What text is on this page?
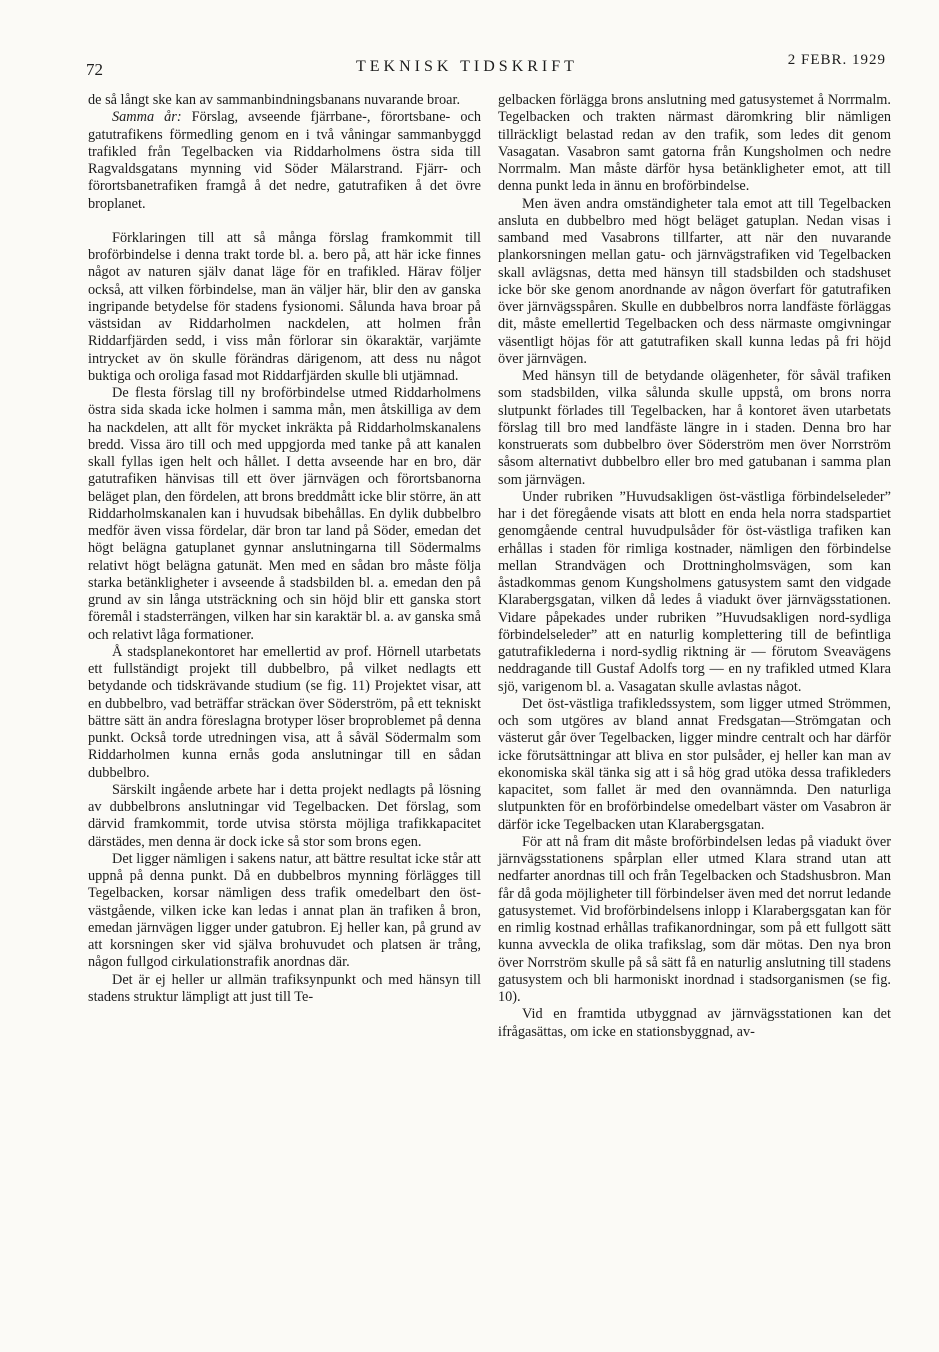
72	TEKNISK TIDSKRIFT	2 FEBR. 1929

de så långt ske kan av sammanbindningsbanans nuvarande broar.

Samma år: Förslag, avseende fjärrbane-, förortsbane- och gatutrafikens förmedling genom en i två våningar sammanbyggd trafikled från Tegelbacken via Riddarholmens östra sida till Ragvaldsgatans mynning vid Söder Mälarstrand. Fjärr- och förortsbanetrafiken framgå å det nedre, gatutrafiken å det övre broplanet.

Förklaringen till att så många förslag framkommit till broförbindelse i denna trakt torde bl. a. bero på, att här icke finnes något av naturen själv danat läge för en trafikled. Härav följer också, att vilken förbindelse, man än väljer här, blir den av ganska ingripande betydelse för stadens fysionomi. Sålunda hava broar på västsidan av Riddarholmen nackdelen, att holmen från Riddarfjärden sedd, i viss mån förlorar sin ökaraktär, varjämte intrycket av ön skulle förändras därigenom, att dess nu något buktiga och oroliga fasad mot Riddarfjärden skulle bli utjämnad.

De flesta förslag till ny broförbindelse utmed Riddarholmens östra sida skada icke holmen i samma mån, men åtskilliga av dem ha nackdelen, att allt för mycket inkräkta på Riddarholmskanalens bredd. Vissa äro till och med uppgjorda med tanke på att kanalen skall fyllas igen helt och hållet. I detta avseende har en bro, där gatutrafiken hänvisas till ett över järnvägen och förortsbanorna beläget plan, den fördelen, att brons breddmått icke blir större, än att Riddarholmskanalen kan i huvudsak bibehållas. En dylik dubbelbro medför även vissa fördelar, där bron tar land på Söder, emedan det högt belägna gatuplanet gynnar anslutningarna till Södermalms relativt högt belägna gatunät. Men med en sådan bro måste följa starka betänkligheter i avseende å stadsbilden bl. a. emedan den på grund av sin långa utsträckning och sin höjd blir ett ganska stort föremål i stadsterrängen, vilken har sin karaktär bl. a. av ganska små och relativt låga formationer.

Å stadsplanekontoret har emellertid av prof. Hörnell utarbetats ett fullständigt projekt till dubbelbro, på vilket nedlagts ett betydande och tidskrävande studium (se fig. 11) Projektet visar, att en dubbelbro, vad beträffar sträckan över Söderström, på ett tekniskt bättre sätt än andra föreslagna brotyper löser broproblemet på denna punkt. Också torde utredningen visa, att å såväl Södermalm som Riddarholmen kunna ernås goda anslutningar till en sådan dubbelbro.

Särskilt ingående arbete har i detta projekt nedlagts på lösning av dubbelbrons anslutningar vid Tegelbacken. Det förslag, som därvid framkommit, torde utvisa största möjliga trafikkapacitet därstädes, men denna är dock icke så stor som brons egen.

Det ligger nämligen i sakens natur, att bättre resultat icke står att uppnå på denna punkt. Då en dubbelbros mynning förlägges till Tegelbacken, korsar nämligen dess trafik omedelbart den öst-västgående, vilken icke kan ledas i annat plan än trafiken å bron, emedan järnvägen ligger under gatubron. Ej heller kan, på grund av att korsningen sker vid själva brohuvudet och platsen är trång, någon fullgod cirkulationstrafik anordnas där.

Det är ej heller ur allmän trafiksynpunkt och med hänsyn till stadens struktur lämpligt att just till Te-

gelbacken förlägga brons anslutning med gatusystemet å Norrmalm. Tegelbacken och trakten närmast däromkring blir nämligen tillräckligt belastad redan av den trafik, som ledes dit genom Vasagatan. Vasabron samt gatorna från Kungsholmen och nedre Norrmalm. Man måste därför hysa betänkligheter emot, att till denna punkt leda in ännu en broförbindelse.

Men även andra omständigheter tala emot att till Tegelbacken ansluta en dubbelbro med högt beläget gatuplan. Nedan visas i samband med Vasabrons tillfarter, att när den nuvarande plankorsningen mellan gatu- och järnvägstrafiken vid Tegelbacken skall avlägsnas, detta med hänsyn till stadsbilden och stadshuset icke bör ske genom anordnande av någon överfart för gatutrafiken över järnvägsspåren. Skulle en dubbelbros norra landfäste förläggas dit, måste emellertid Tegelbacken och dess närmaste omgivningar väsentligt höjas för att gatutrafiken skall kunna ledas på fri höjd över järnvägen.

Med hänsyn till de betydande olägenheter, för såväl trafiken som stadsbilden, vilka sålunda skulle uppstå, om brons norra slutpunkt förlades till Tegelbacken, har å kontoret även utarbetats förslag till bro med landfäste längre in i staden. Denna bro har konstruerats som dubbelbro över Söderström men över Norrström såsom alternativt dubbelbro eller bro med gatubanan i samma plan som järnvägen.

Under rubriken ”Huvudsakligen öst-västliga förbindelseleder” har i det föregående visats att blott en enda hela norra stadspartiet genomgående central huvudpulsåder för öst-västliga trafiken kan erhållas i staden för rimliga kostnader, nämligen den förbindelse mellan Strandvägen och Drottningholmsvägen, som kan åstadkommas genom Kungsholmens gatusystem samt den vidgade Klarabergsgatan, vilken då ledes å viadukt över järnvägsstationen. Vidare påpekades under rubriken ”Huvudsakligen nord-sydliga förbindelseleder” att en naturlig komplettering till de befintliga gatutrafiklederna i nord-sydlig riktning är — förutom Sveavägens neddragande till Gustaf Adolfs torg — en ny trafikled utmed Klara sjö, varigenom bl. a. Vasagatan skulle avlastas något.

Det öst-västliga trafikledssystem, som ligger utmed Strömmen, och som utgöres av bland annat Fredsgatan—Strömgatan och västerut går över Tegelbacken, ligger mindre centralt och har därför icke förutsättningar att bliva en stor pulsåder, ej heller kan man av ekonomiska skäl tänka sig att i så hög grad utöka dessa trafikleders kapacitet, som fallet är med den ovannämnda. Den naturliga slutpunkten för en broförbindelse omedelbart väster om Vasabron är därför icke Tegelbacken utan Klarabergsgatan.

För att nå fram dit måste broförbindelsen ledas på viadukt över järnvägsstationens spårplan eller utmed Klara strand utan att nedfarter anordnas till och från Tegelbacken och Stadshusbron. Man får då goda möjligheter till förbindelser även med det norrut ledande gatusystemet. Vid broförbindelsens inlopp i Klarabergsgatan kan för en rimlig kostnad erhållas trafikanordningar, som på ett fullgott sätt kunna avveckla de olika trafikslag, som där mötas. Den nya bron över Norrström skulle på så sätt få en naturlig anslutning till stadens gatusystem och bli harmoniskt inordnad i stadsorganismen (se fig. 10).

Vid en framtida utbyggnad av järnvägsstationen kan det ifrågasättas, om icke en stationsbyggnad, av-
